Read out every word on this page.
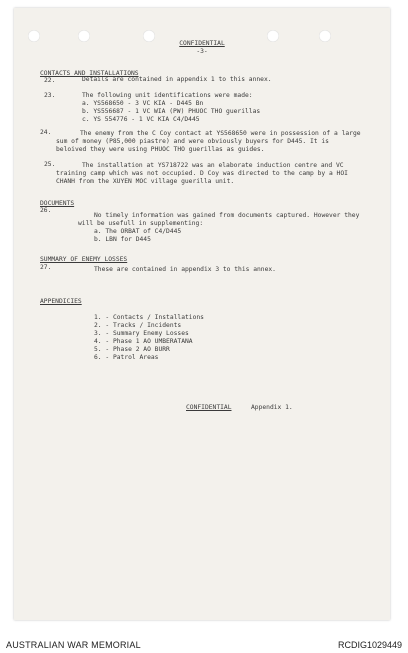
CONFIDENTIAL
-3-
CONTACTS AND INSTALLATIONS
22.	Details are contained in appendix 1 to this annex.
23.	The following unit identifications were made:
a. YS568650 - 3 VC KIA - D445 Bn
b. YS556687 - 1 VC WIA (PW) PHUOC THO guerillas
c. YS 554776 - 1 VC KIA C4/D445
24.	The enemy from the C Coy contact at YS568650 were in possession of a large
sum of money (P85,000 piastre) and were obviously buyers for D445. It is
beloived they were using PHUOC THO guerillas as guides.
25.	The installation at YS718722 was an elaborate induction centre and VC
training camp which was not occupied. D Coy was directed to the camp by a HOI
CHANH from the XUYEN MOC village guerilla unit.
DOCUMENTS
26.
No timely information was gained from documents captured. However they
will be usefull in supplementing:
a. The ORBAT of C4/D445
b. LBN for D445
SUMMARY OF ENEMY LOSSES
27.	These are contained in appendix 3 to this annex.
APPENDICIES
1. - Contacts / Installations
2. - Tracks / Incidents
3. - Summary Enemy Losses
4. - Phase 1 AO UMBERATANA
5. - Phase 2 AO BURR
6. - Patrol Areas
CONFIDENTIAL	Appendix 1.
AUSTRALIAN WAR MEMORIAL	RCDIG1029449
